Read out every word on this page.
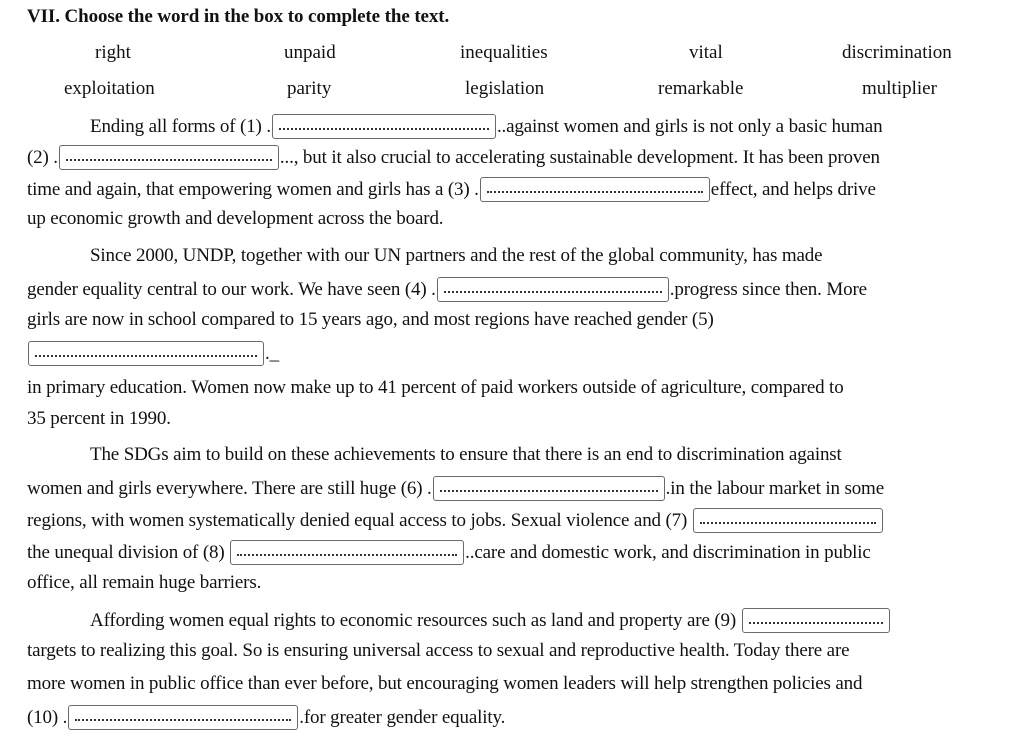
VII. Choose the word in the box to complete the text.
right	unpaid	inequalities	vital	discrimination
exploitation	parity	legislation	remarkable	multiplier
Ending all forms of (1) .	..against women and girls is not only a basic human
(2) .	..., but it also crucial to accelerating sustainable development. It has been proven
time and again, that empowering women and girls has a (3) .	effect, and helps drive
up economic growth and development across the board.
Since 2000, UNDP, together with our UN partners and the rest of the global community, has made
gender equality central to our work. We have seen (4) .	.progress since then. More
girls are now in school compared to 15 years ago, and most regions have reached gender (5)
._
in primary education. Women now make up to 41 percent of paid workers outside of agriculture, compared to
35 percent in 1990.
The SDGs aim to build on these achievements to ensure that there is an end to discrimination against
women and girls everywhere. There are still huge (6) .	.in the labour market in some
regions, with women systematically denied equal access to jobs. Sexual violence and (7)
the unequal division of (8)	..care and domestic work, and discrimination in public
office, all remain huge barriers.
Affording women equal rights to economic resources such as land and property are (9)
targets to realizing this goal. So is ensuring universal access to sexual and reproductive health. Today there are
more women in public office than ever before, but encouraging women leaders will help strengthen policies and
(10) .	.for greater gender equality.
